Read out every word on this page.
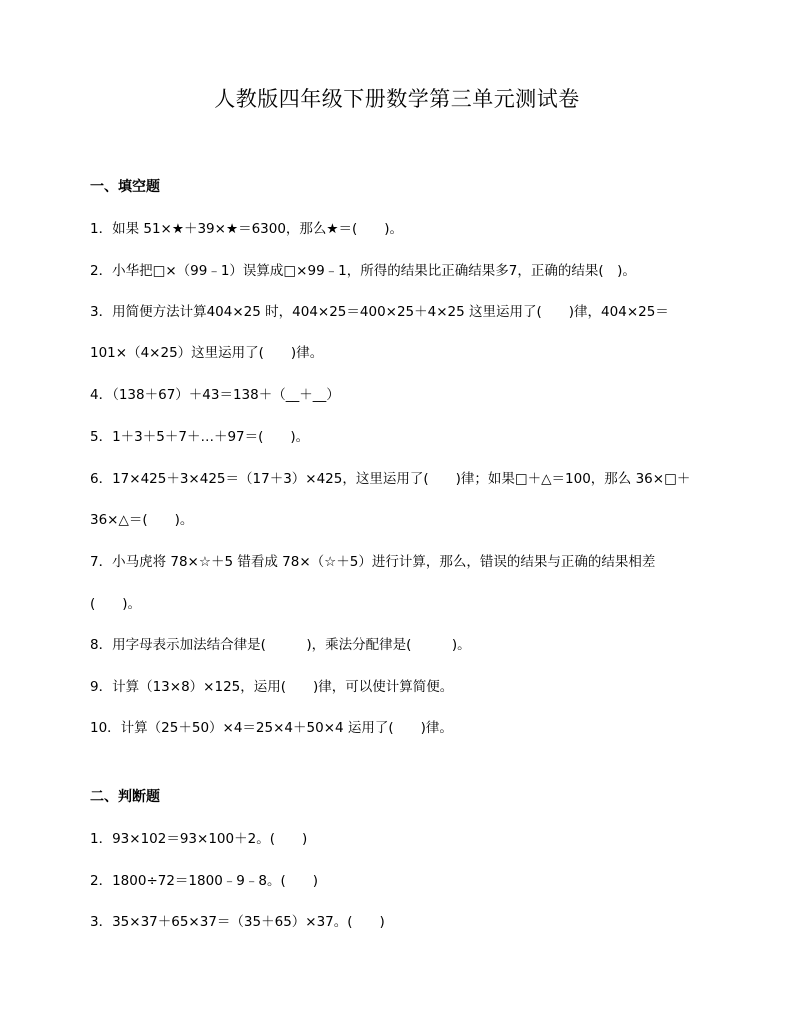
人教版四年级下册数学第三单元测试卷
一、填空题
1．如果 51×★＋39×★＝6300，那么★＝(　　)。
2．小华把□×（99﹣1）误算成□×99﹣1，所得的结果比正确结果多7，正确的结果(　)。
3．用简便方法计算404×25 时，404×25＝400×25＋4×25 这里运用了(　　)律，404×25＝
101×（4×25）这里运用了(　　)律。
4．（138＋67）＋43＝138＋（__＋__）
5．1＋3＋5＋7＋…＋97＝(　　)。
6．17×425＋3×425＝（17＋3）×425，这里运用了(　　)律；如果□＋△＝100，那么 36×□＋
36×△＝(　　)。
7．小马虎将 78×☆＋5 错看成 78×（☆＋5）进行计算，那么，错误的结果与正确的结果相差
(　　)。
8．用字母表示加法结合律是(　　　)，乘法分配律是(　　　)。
9．计算（13×8）×125，运用(　　)律，可以使计算简便。
10．计算（25＋50）×4＝25×4＋50×4 运用了(　　)律。
二、判断题
1．93×102＝93×100＋2。(　　)
2．1800÷72＝1800﹣9﹣8。(　　)
3．35×37＋65×37＝（35＋65）×37。(　　)
